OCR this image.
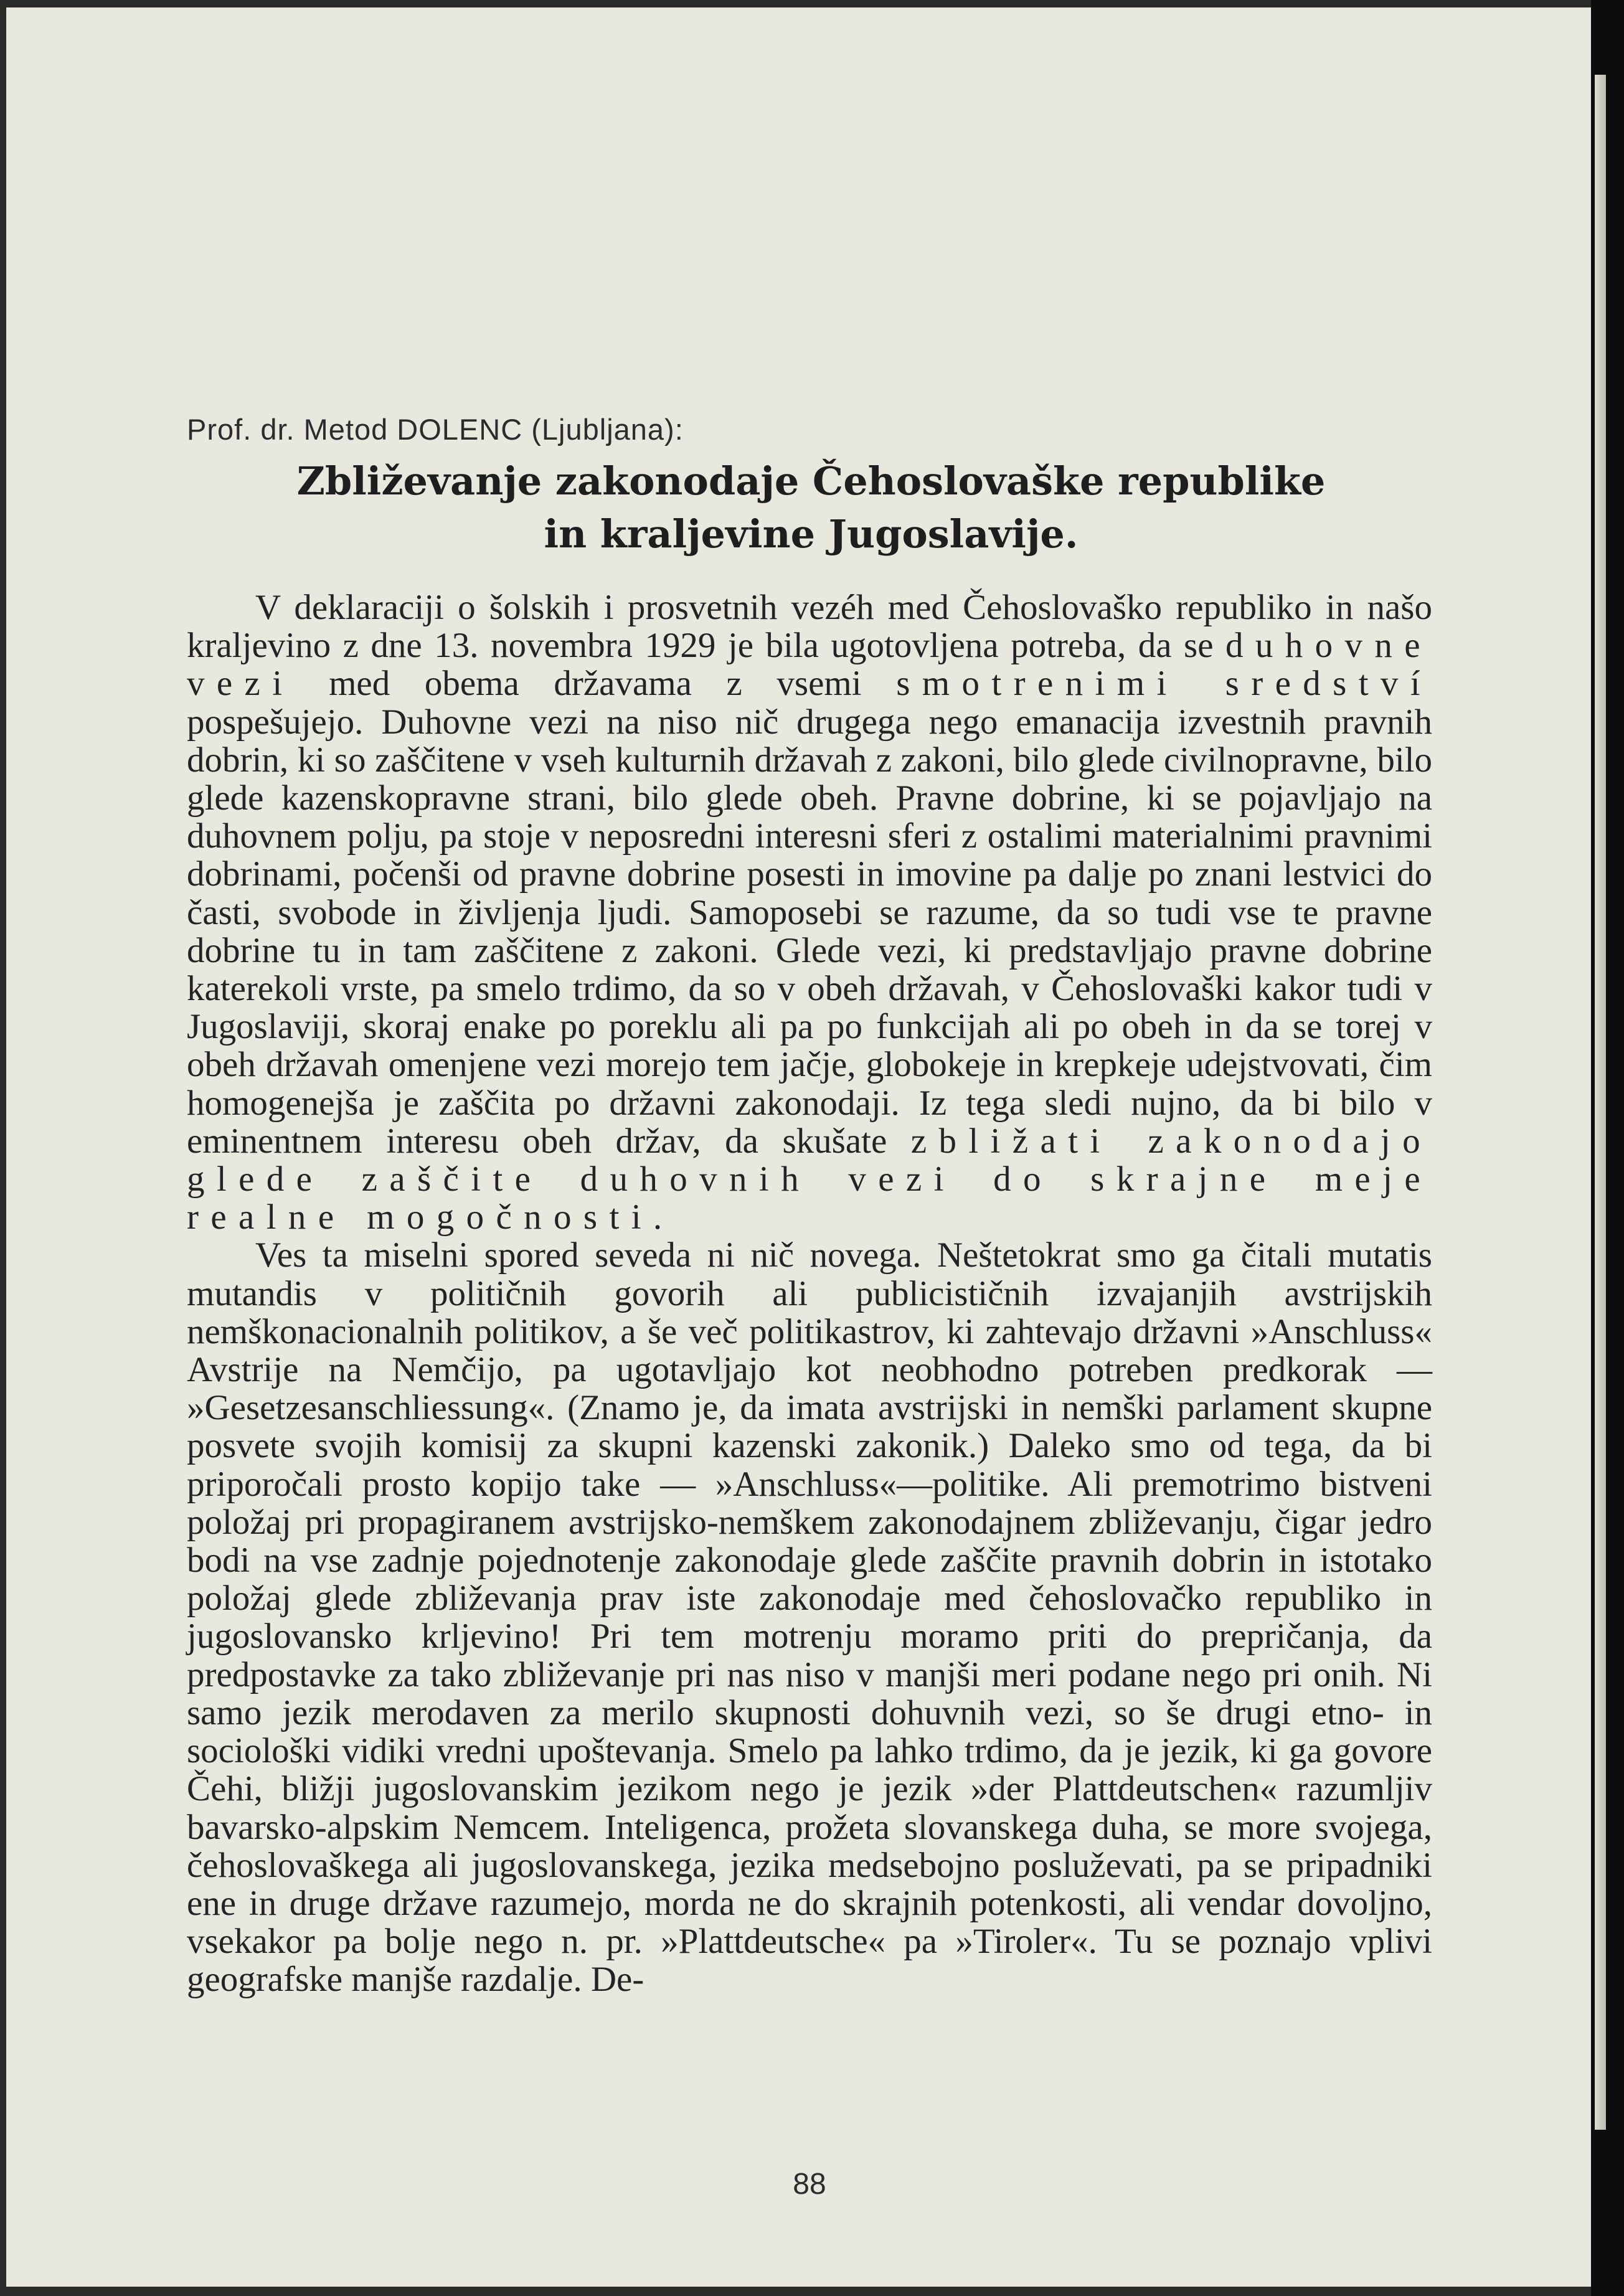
Prof. dr. Metod DOLENC (Ljubljana):
Zbliževanje zakonodaje Čehoslovaške republike
in kraljevine Jugoslavije.

V deklaraciji o šolskih i prosvetnih vezéh med Čehoslovaško republiko in našo kraljevino z dne 13. novembra 1929 je bila ugotovljena potreba, da se duhovne vezi med obema državama z vsemi smotrenimi sredství pospešujejo. Duhovne vezi na niso nič drugega nego emanacija izvestnih pravnih dobrin, ki so zaščitene v vseh kulturnih državah z zakoni, bilo glede civilnopravne, bilo glede kazenskopravne strani, bilo glede obeh. Pravne dobrine, ki se pojavljajo na duhovnem polju, pa stoje v neposredni interesni sferi z ostalimi materialnimi pravnimi dobrinami, počenši od pravne dobrine posesti in imovine pa dalje po znani lestvici do časti, svobode in življenja ljudi. Samoposebi se razume, da so tudi vse te pravne dobrine tu in tam zaščitene z zakoni. Glede vezi, ki predstavljajo pravne dobrine katerekoli vrste, pa smelo trdimo, da so v obeh državah, v Čehoslovaški kakor tudi v Jugoslaviji, skoraj enake po poreklu ali pa po funkcijah ali po obeh in da se torej v obeh državah omenjene vezi morejo tem jačje, globokeje in krepkeje udejstvovati, čim homogenejša je zaščita po državni zakonodaji. Iz tega sledi nujno, da bi bilo v eminentnem interesu obeh držav, da skušate zbližati zakonodajo glede zaščite duhovnih vezi do skrajne meje realne mogočnosti.

Ves ta miselni spored seveda ni nič novega. Neštetokrat smo ga čitali mutatis mutandis v političnih govorih ali publicističnih izvajanjih avstrijskih nemškonacionalnih politikov, a še več politikastrov, ki zahtevajo državni »Anschluss« Avstrije na Nemčijo, pa ugotavljajo kot neobhodno potreben predkorak — »Gesetzesanschliessung«. (Znamo je, da imata avstrijski in nemški parlament skupne posvete svojih komisij za skupni kazenski zakonik.) Daleko smo od tega, da bi priporočali prosto kopijo take — »Anschluss«—politike. Ali premotrimo bistveni položaj pri propagiranem avstrijsko-nemškem zakonodajnem zbliževanju, čigar jedro bodi na vse zadnje pojednotenje zakonodaje glede zaščite pravnih dobrin in istotako položaj glede zbliževanja prav iste zakonodaje med čehoslovačko republiko in jugoslovansko krljevino! Pri tem motrenju moramo priti do prepričanja, da predpostavke za tako zbliževanje pri nas niso v manjši meri podane nego pri onih. Ni samo jezik merodaven za merilo skupnosti dohuvnih vezi, so še drugi etno- in sociološki vidiki vredni upoštevanja. Smelo pa lahko trdimo, da je jezik, ki ga govore Čehi, bližji jugoslovanskim jezikom nego je jezik »der Plattdeutschen« razumljiv bavarsko-alpskim Nemcem. Inteligenca, prožeta slovanskega duha, se more svojega, čehoslovaškega ali jugoslovanskega, jezika medsebojno posluževati, pa se pripadniki ene in druge države razumejo, morda ne do skrajnih potenkosti, ali vendar dovoljno, vsekakor pa bolje nego n. pr. »Plattdeutsche« pa »Tiroler«. Tu se poznajo vplivi geografske manjše razdalje. De-

88
